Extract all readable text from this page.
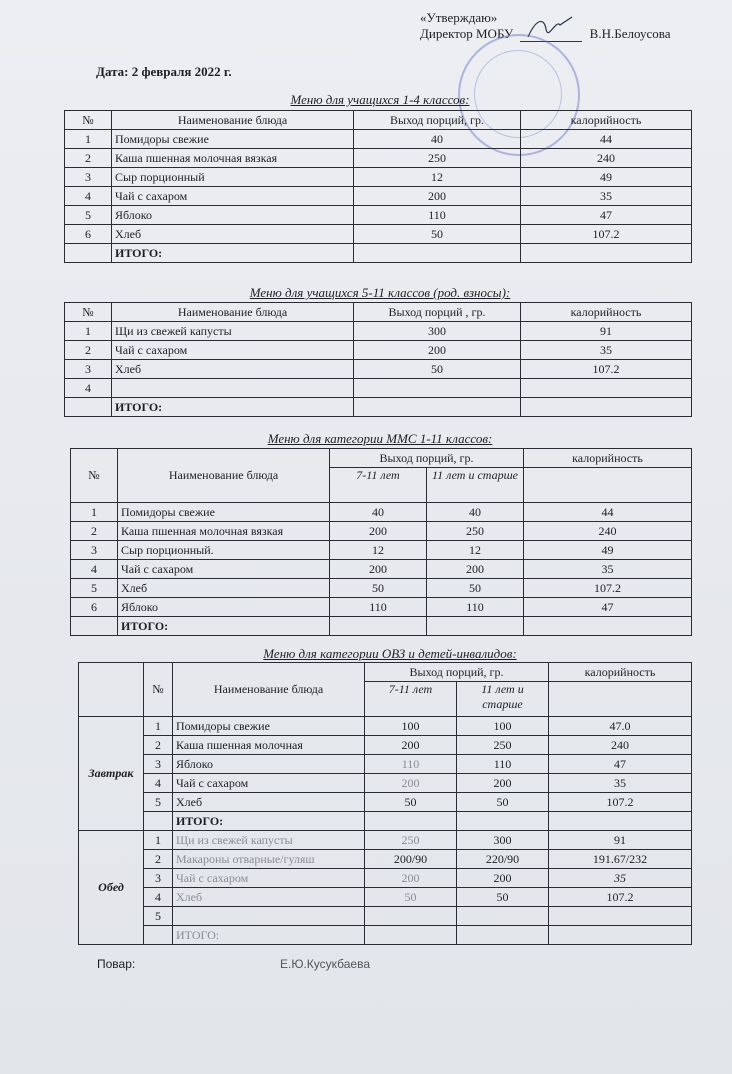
«Утверждаю»
Директор МОБУ	В.Н.Белоусова
Дата: 2 февраля 2022 г.
Меню для учащихся 1-4 классов:
№	Наименование блюда	Выход порций, гр.	калорийность
1	Помидоры свежие	40	44
2	Каша пшенная молочная вязкая	250	240
3	Сыр порционный	12	49
4	Чай с сахаром	200	35
5	Яблоко	110	47
6	Хлеб	50	107.2
	ИТОГО:		
Меню для учащихся 5-11 классов (род. взносы):
№	Наименование блюда	Выход порций , гр.	калорийность
1	Щи из свежей капусты	300	91
2	Чай с сахаром	200	35
3	Хлеб	50	107.2
4			
	ИТОГО:		
Меню для категории ММС 1-11 классов:
№	Наименование блюда	Выход порций, гр.		калорийность
		7-11 лет	11 лет и старше	
1	Помидоры свежие	40	40	44
2	Каша пшенная молочная вязкая	200	250	240
3	Сыр порционный.	12	12	49
4	Чай с сахаром	200	200	35
5	Хлеб	50	50	107.2
6	Яблоко	110	110	47
	ИТОГО:			
Меню для категории ОВЗ и детей-инвалидов:
	№	Наименование блюда	Выход порций, гр.		калорийность
			7-11 лет	11 лет и старше	
Завтрак	1	Помидоры свежие	100	100	47.0
	2	Каша пшенная молочная	200	250	240
	3	Яблоко	110	110	47
	4	Чай с сахаром	200	200	35
	5	Хлеб	50	50	107.2
		ИТОГО:			
Обед	1	Щи из свежей капусты	250	300	91
	2	Макароны отварные/гуляш	200/90	220/90	191.67/232
	3	Чай с сахаром	200	200	35
	4	Хлеб	50	50	107.2
	5				
		ИТОГО:			
Повар:	Е.Ю.Кусукбаева
